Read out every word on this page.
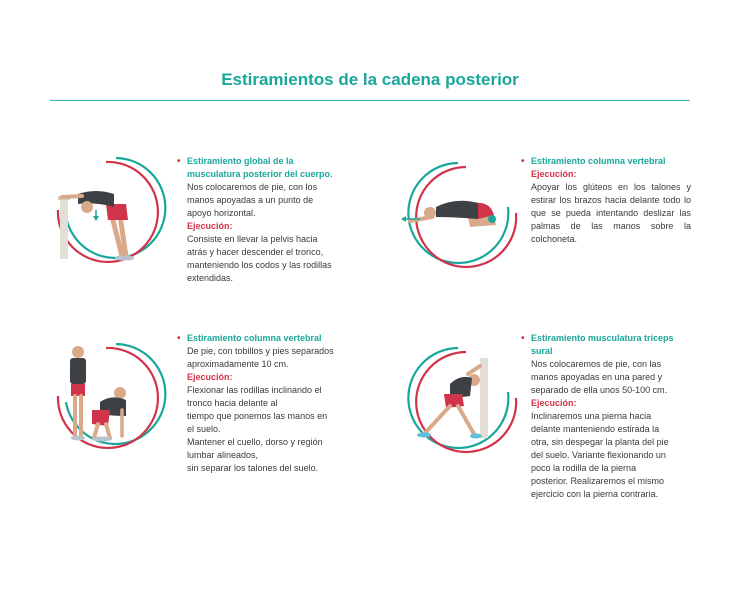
Estiramientos de la cadena posterior
• Estiramiento global de la
musculatura posterior del cuerpo.
Nos colocaremos de pie, con los
manos apoyadas a un punto de
apoyo horizontal.
Ejecución:
Consiste en llevar la pelvis hacia
atrás y hacer descender el tronco,
manteniendo los codos y las rodillas
extendidas.
• Estiramiento columna vertebral
Ejecución:
Apoyar los glúteos en los talones y estirar los brazos hacia delante todo lo que se pueda intentando deslizar las palmas de las manos sobre la colchoneta.
• Estiramiento columna vertebral
De pie, con tobillos y pies separados
aproximadamente 10 cm.
Ejecución:
Flexionar las rodillas inclinando el
tronco hacia delante al
tiempo que ponemos las manos en
el suelo.
Mantener el cuello, dorso y región
lumbar alineados,
sin separar los talones del suelo.
• Estiramiento musculatura tríceps
sural
Nos colocaremos de pie, con las
manos apoyadas en una pared y
separado de ella unos 50-100 cm.
Ejecución:
Inclinaremos una pierna hacia
delante manteniendo estirada la
otra, sin despegar la planta del pie
del suelo. Variante flexionando un
poco la rodilla de la pierna
posterior. Realizaremos el mismo
ejercicio con la pierna contraria.
